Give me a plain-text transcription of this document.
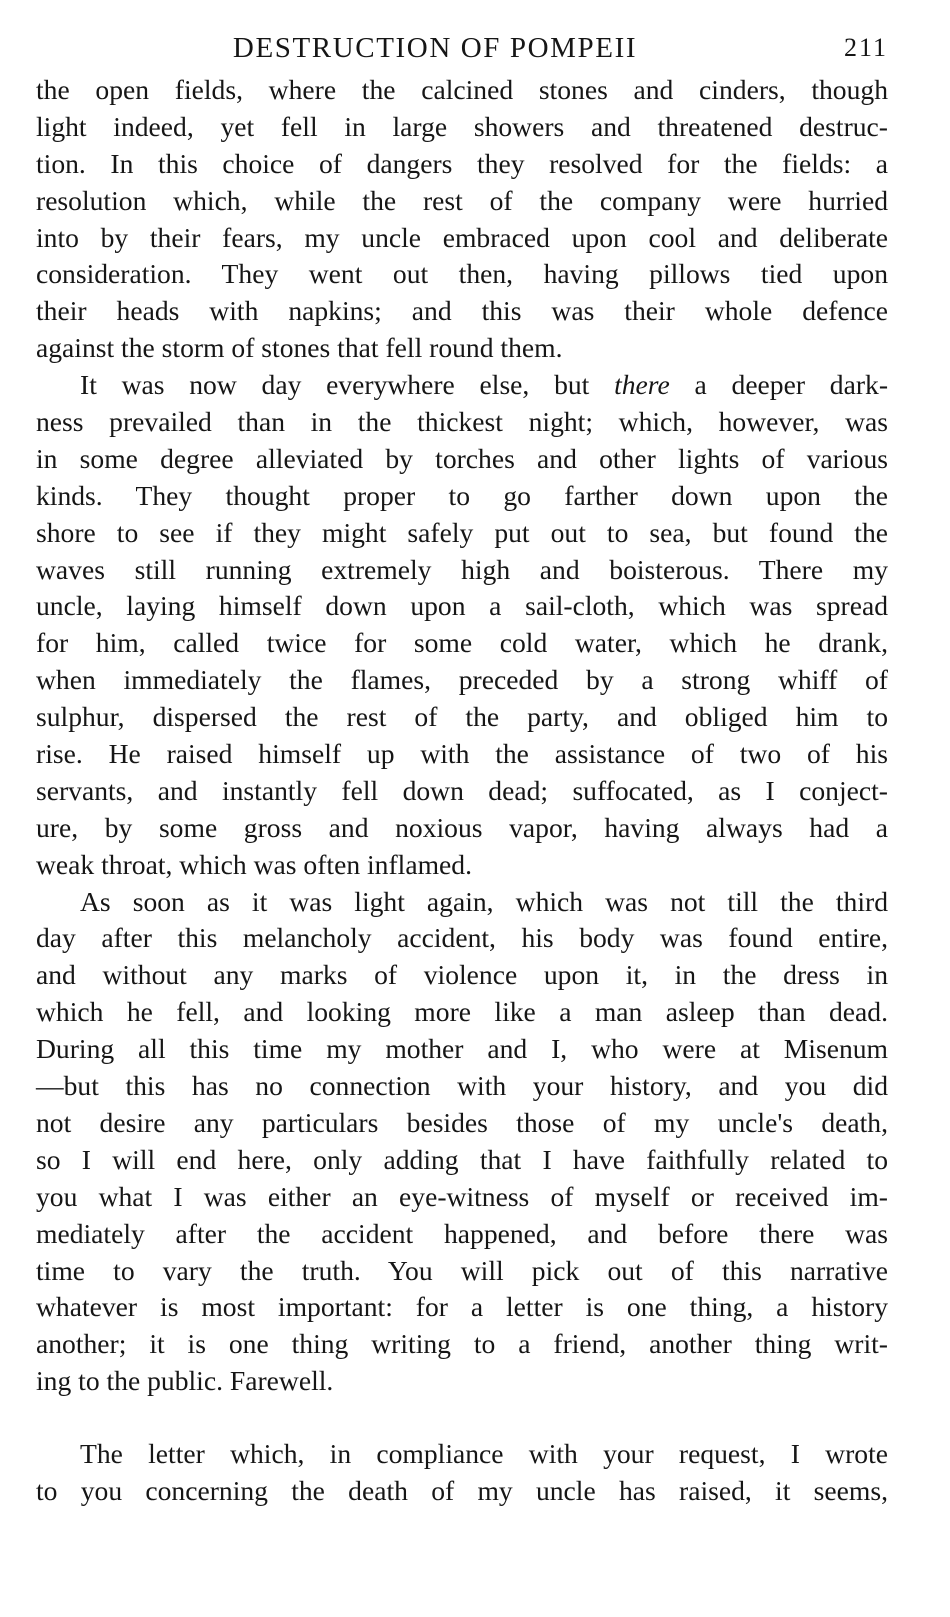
DESTRUCTION OF POMPEII	211
the open fields, where the calcined stones and cinders, though
light indeed, yet fell in large showers and threatened destruc-
tion. In this choice of dangers they resolved for the fields: a
resolution which, while the rest of the company were hurried
into by their fears, my uncle embraced upon cool and deliberate
consideration. They went out then, having pillows tied upon
their heads with napkins; and this was their whole defence
against the storm of stones that fell round them.
It was now day everywhere else, but there a deeper dark-
ness prevailed than in the thickest night; which, however, was
in some degree alleviated by torches and other lights of various
kinds. They thought proper to go farther down upon the
shore to see if they might safely put out to sea, but found the
waves still running extremely high and boisterous. There my
uncle, laying himself down upon a sail-cloth, which was spread
for him, called twice for some cold water, which he drank,
when immediately the flames, preceded by a strong whiff of
sulphur, dispersed the rest of the party, and obliged him to
rise. He raised himself up with the assistance of two of his
servants, and instantly fell down dead; suffocated, as I conject-
ure, by some gross and noxious vapor, having always had a
weak throat, which was often inflamed.
As soon as it was light again, which was not till the third
day after this melancholy accident, his body was found entire,
and without any marks of violence upon it, in the dress in
which he fell, and looking more like a man asleep than dead.
During all this time my mother and I, who were at Misenum
—but this has no connection with your history, and you did
not desire any particulars besides those of my uncle's death,
so I will end here, only adding that I have faithfully related to
you what I was either an eye-witness of myself or received im-
mediately after the accident happened, and before there was
time to vary the truth. You will pick out of this narrative
whatever is most important: for a letter is one thing, a history
another; it is one thing writing to a friend, another thing writ-
ing to the public. Farewell.
The letter which, in compliance with your request, I wrote
to you concerning the death of my uncle has raised, it seems,
